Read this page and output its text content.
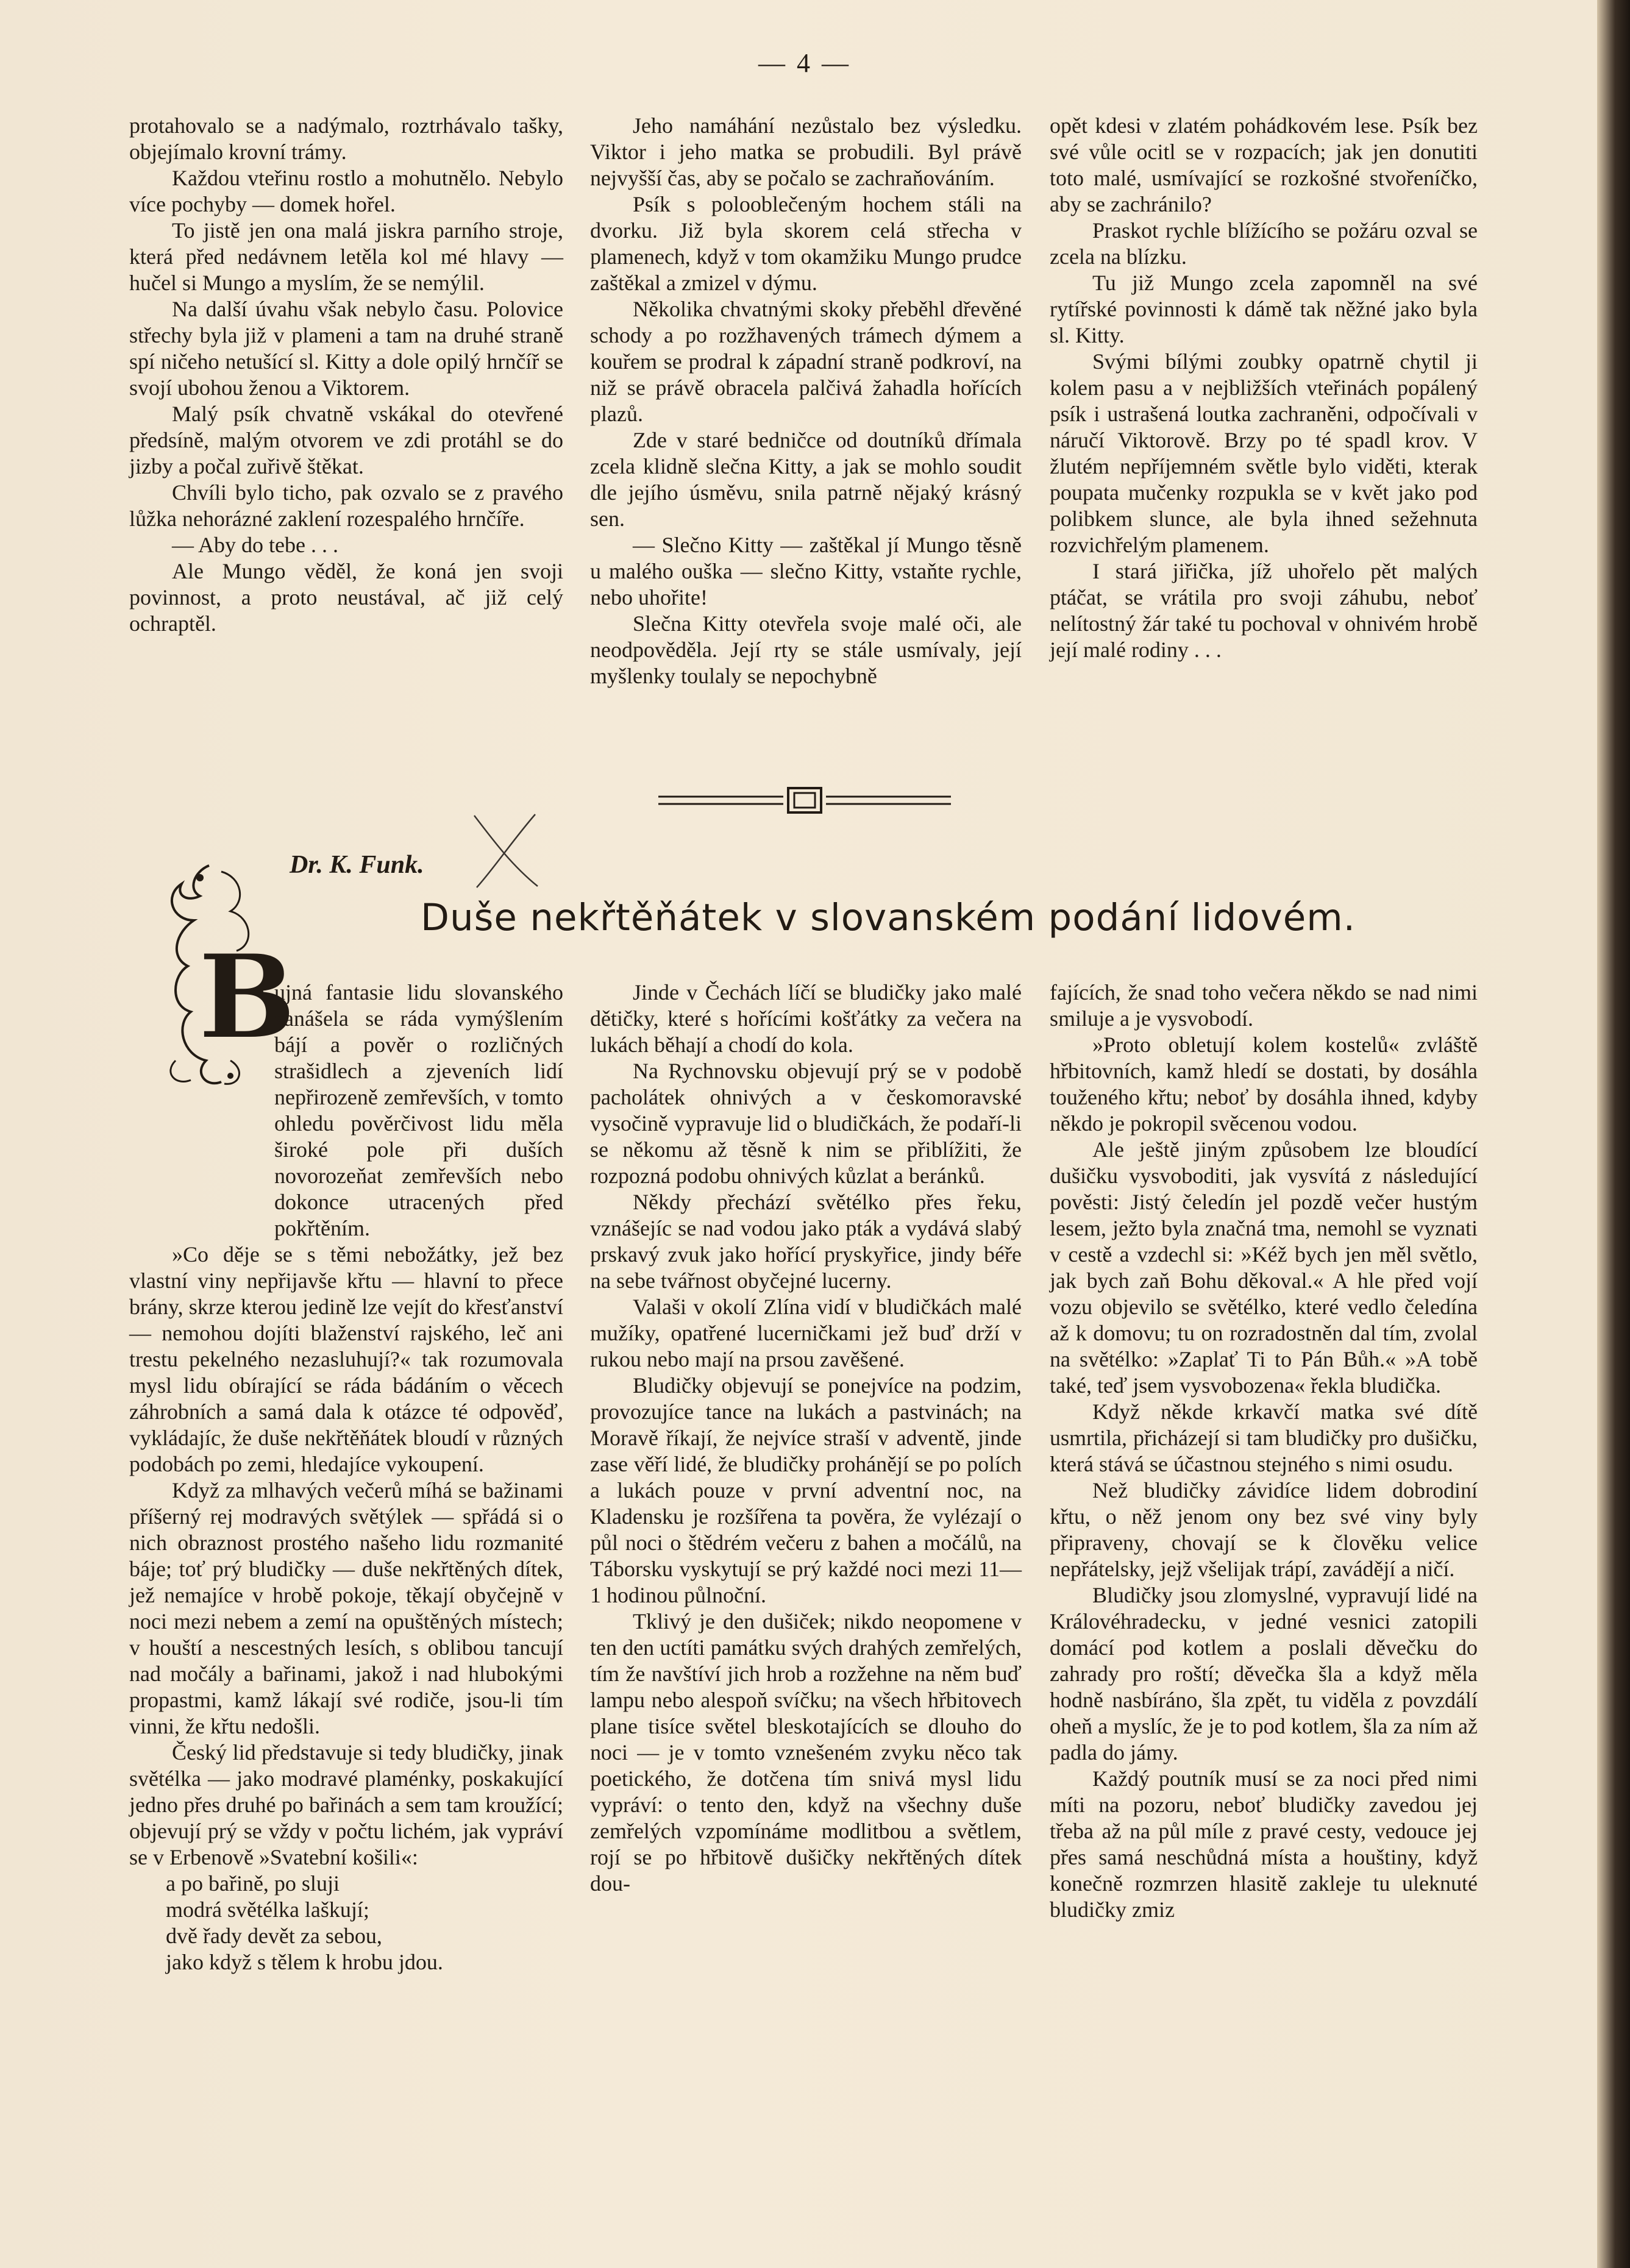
— 4 —

protahovalo se a nadýmalo, roztrhávalo tašky, objejímalo krovní trámy.

Každou vteřinu rostlo a mohutnělo. Nebylo více pochyby — domek hořel.

To jistě jen ona malá jiskra parního stroje, která před nedávnem letěla kol mé hlavy — hučel si Mungo a myslím, že se nemýlil.

Na další úvahu však nebylo času. Polovice střechy byla již v plameni a tam na druhé straně spí ničeho netušící sl. Kitty a dole opilý hrnčíř se svojí ubohou ženou a Viktorem.

Malý psík chvatně vskákal do otevřené předsíně, malým otvorem ve zdi protáhl se do jizby a počal zuřivě štěkat.

Chvíli bylo ticho, pak ozvalo se z pravého lůžka nehorázné zaklení rozespalého hrnčíře.

— Aby do tebe . . .

Ale Mungo věděl, že koná jen svoji povinnost, a proto neustával, ač již celý ochraptěl.

Jeho namáhání nezůstalo bez výsledku. Viktor i jeho matka se probudili. Byl právě nejvyšší čas, aby se počalo se zachraňováním.

Psík s polooblečeným hochem stáli na dvorku. Již byla skorem celá střecha v plamenech, když v tom okamžiku Mungo prudce zaštěkal a zmizel v dýmu.

Několika chvatnými skoky přeběhl dřevěné schody a po rozžhavených trámech dýmem a kouřem se prodral k západní straně podkroví, na niž se právě obracela palčivá žahadla hořících plazů.

Zde v staré bedničce od doutníků dřímala zcela klidně slečna Kitty, a jak se mohlo soudit dle jejího úsměvu, snila patrně nějaký krásný sen.

— Slečno Kitty — zaštěkal jí Mungo těsně u malého ouška — slečno Kitty, vstaňte rychle, nebo uhořite!

Slečna Kitty otevřela svoje malé oči, ale neodpověděla. Její rty se stále usmívaly, její myšlenky toulaly se nepochybně

opět kdesi v zlatém pohádkovém lese. Psík bez své vůle ocitl se v rozpacích; jak jen donutiti toto malé, usmívající se rozkošné stvořeníčko, aby se zachránilo?

Praskot rychle blížícího se požáru ozval se zcela na blízku.

Tu již Mungo zcela zapomněl na své rytířské povinnosti k dámě tak něžné jako byla sl. Kitty.

Svými bílými zoubky opatrně chytil ji kolem pasu a v nejbližších vteřinách popálený psík i ustrašená loutka zachraněni, odpočívali v náručí Viktorově. Brzy po té spadl krov. V žlutém nepříjemném světle bylo viděti, kterak poupata mučenky rozpukla se v květ jako pod polibkem slunce, ale byla ihned sežehnuta rozvichřelým plamenem.

I stará jiřička, jíž uhořelo pět malých ptáčat, se vrátila pro svoji záhubu, neboť nelítostný žár také tu pochoval v ohnivém hrobě její malé rodiny . . .

Dr. K. Funk.
Duše nekřtěňátek v slovanském podání lidovém.
B

ujná fantasie lidu slovanského zanášela se ráda vymýšlením bájí a pověr o rozličných strašidlech a zjeveních lidí nepřirozeně zemřevších, v tomto ohledu pověrčivost lidu měla široké pole při duších novorozeňat zemřevších nebo dokonce utracených před pokřtěním.

»Co děje se s těmi nebožátky, jež bez vlastní viny nepřijavše křtu — hlavní to přece brány, skrze kterou jedině lze vejít do křesťanství — nemohou dojíti blaženství rajského, leč ani trestu pekelného nezasluhují?« tak rozumovala mysl lidu obírající se ráda bádáním o věcech záhrobních a samá dala k otázce té odpověď, vykládajíc, že duše nekřtěňátek bloudí v různých podobách po zemi, hledajíce vykoupení.

Když za mlhavých večerů míhá se bažinami příšerný rej modravých světýlek — spřádá si o nich obraznost prostého našeho lidu rozmanité báje; toť prý bludičky — duše nekřtěných dítek, jež nemajíce v hrobě pokoje, těkají obyčejně v noci mezi nebem a zemí na opuštěných místech; v houští a nescestných lesích, s oblibou tancují nad močály a bařinami, jakož i nad hlubokými propastmi, kamž lákají své rodiče, jsou-li tím vinni, že křtu nedošli.

Český lid představuje si tedy bludičky, jinak světélka — jako modravé plaménky, poskakující jedno přes druhé po bařinách a sem tam kroužící; objevují prý se vždy v počtu lichém, jak vypráví se v Erbenově »Svatební košili«:

a po bařině, po sluji

modrá světélka laškují;

dvě řady devět za sebou,

jako když s tělem k hrobu jdou.

Jinde v Čechách líčí se bludičky jako malé dětičky, které s hořícími košťátky za večera na lukách běhají a chodí do kola.

Na Rychnovsku objevují prý se v podobě pacholátek ohnivých a v českomoravské vysočině vypravuje lid o bludičkách, že podaří-li se někomu až těsně k nim se přiblížiti, že rozpozná podobu ohnivých kůzlat a beránků.

Někdy přechází světélko přes řeku, vznášejíc se nad vodou jako pták a vydává slabý prskavý zvuk jako hořící pryskyřice, jindy béře na sebe tvářnost obyčejné lucerny.

Valaši v okolí Zlína vidí v bludičkách malé mužíky, opatřené lucerničkami jež buď drží v rukou nebo mají na prsou zavěšené.

Bludičky objevují se ponejvíce na podzim, provozujíce tance na lukách a pastvinách; na Moravě říkají, že nejvíce straší v adventě, jinde zase věří lidé, že bludičky prohánějí se po polích a lukách pouze v první adventní noc, na Kladensku je rozšířena ta pověra, že vylézají o půl noci o štědrém večeru z bahen a močálů, na Táborsku vyskytují se prý každé noci mezi 11—1 hodinou půlnoční.

Tklivý je den dušiček; nikdo neopomene v ten den uctíti památku svých drahých zemřelých, tím že navštíví jich hrob a rozžehne na něm buď lampu nebo alespoň svíčku; na všech hřbitovech plane tisíce světel bleskotajících se dlouho do noci — je v tomto vznešeném zvyku něco tak poetického, že dotčena tím snivá mysl lidu vypráví: o tento den, když na všechny duše zemřelých vzpomínáme modlitbou a světlem, rojí se po hřbitově dušičky nekřtěných dítek dou-

fajících, že snad toho večera někdo se nad nimi smiluje a je vysvobodí.

»Proto obletují kolem kostelů« zvláště hřbitovních, kamž hledí se dostati, by dosáhla touženého křtu; neboť by dosáhla ihned, kdyby někdo je pokropil svěcenou vodou.

Ale ještě jiným způsobem lze bloudící dušičku vysvoboditi, jak vysvítá z následující pověsti: Jistý čeledín jel pozdě večer hustým lesem, ježto byla značná tma, nemohl se vyznati v cestě a vzdechl si: »Kéž bych jen měl světlo, jak bych zaň Bohu děkoval.« A hle před vojí vozu objevilo se světélko, které vedlo čeledína až k domovu; tu on rozradostněn dal tím, zvolal na světélko: »Zaplať Ti to Pán Bůh.« »A tobě také, teď jsem vysvobozena« řekla bludička.

Když někde krkavčí matka své dítě usmrtila, přicházejí si tam bludičky pro dušičku, která stává se účastnou stejného s nimi osudu.

Než bludičky závidíce lidem dobrodiní křtu, o něž jenom ony bez své viny byly připraveny, chovají se k člověku velice nepřátelsky, jejž všelijak trápí, zavádějí a ničí.

Bludičky jsou zlomyslné, vypravují lidé na Královéhradecku, v jedné vesnici zatopili domácí pod kotlem a poslali děvečku do zahrady pro roští; děvečka šla a když měla hodně nasbíráno, šla zpět, tu viděla z povzdálí oheň a myslíc, že je to pod kotlem, šla za ním až padla do jámy.

Každý poutník musí se za noci před nimi míti na pozoru, neboť bludičky zavedou jej třeba až na půl míle z pravé cesty, vedouce jej přes samá neschůdná místa a houštiny, když konečně rozmrzen hlasitě zakleje tu uleknuté bludičky zmiz
